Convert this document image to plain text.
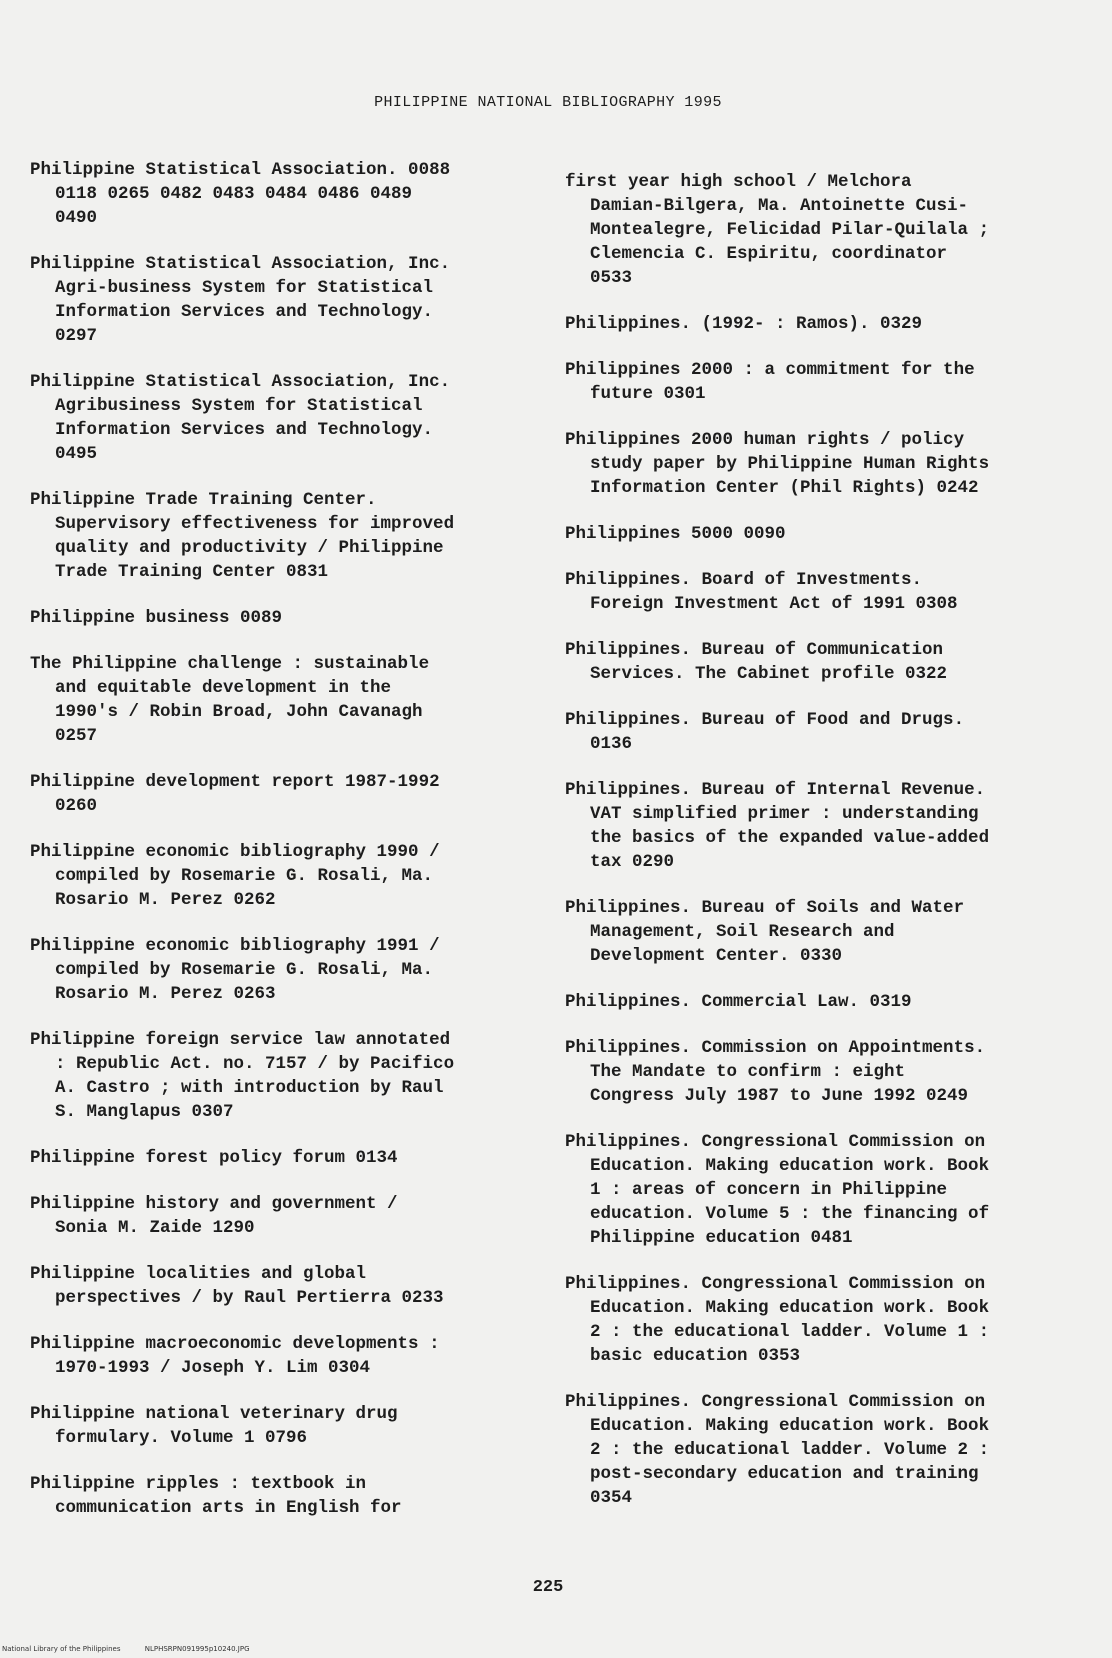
PHILIPPINE NATIONAL BIBLIOGRAPHY 1995
Philippine Statistical Association. 0088
0118 0265 0482 0483 0484 0486 0489
0490
Philippine Statistical Association, Inc.
Agri-business System for Statistical
Information Services and Technology.
0297
Philippine Statistical Association, Inc.
Agribusiness System for Statistical
Information Services and Technology.
0495
Philippine Trade Training Center.
Supervisory effectiveness for improved
quality and productivity / Philippine
Trade Training Center 0831
Philippine business 0089
The Philippine challenge : sustainable
and equitable development in the
1990's / Robin Broad, John Cavanagh
0257
Philippine development report 1987-1992
0260
Philippine economic bibliography 1990 /
compiled by Rosemarie G. Rosali, Ma.
Rosario M. Perez 0262
Philippine economic bibliography 1991 /
compiled by Rosemarie G. Rosali, Ma.
Rosario M. Perez 0263
Philippine foreign service law annotated
: Republic Act. no. 7157 / by Pacifico
A. Castro ; with introduction by Raul
S. Manglapus 0307
Philippine forest policy forum 0134
Philippine history and government /
Sonia M. Zaide 1290
Philippine localities and global
perspectives / by Raul Pertierra 0233
Philippine macroeconomic developments :
1970-1993 / Joseph Y. Lim 0304
Philippine national veterinary drug
formulary. Volume 1 0796
Philippine ripples : textbook in
communication arts in English for
first year high school / Melchora
Damian-Bilgera, Ma. Antoinette Cusi-
Montealegre, Felicidad Pilar-Quilala ;
Clemencia C. Espiritu, coordinator
0533
Philippines. (1992- : Ramos). 0329
Philippines 2000 : a commitment for the
future 0301
Philippines 2000 human rights / policy
study paper by Philippine Human Rights
Information Center (Phil Rights) 0242
Philippines 5000 0090
Philippines. Board of Investments.
Foreign Investment Act of 1991 0308
Philippines. Bureau of Communication
Services. The Cabinet profile 0322
Philippines. Bureau of Food and Drugs.
0136
Philippines. Bureau of Internal Revenue.
VAT simplified primer : understanding
the basics of the expanded value-added
tax 0290
Philippines. Bureau of Soils and Water
Management, Soil Research and
Development Center. 0330
Philippines. Commercial Law. 0319
Philippines. Commission on Appointments.
The Mandate to confirm : eight
Congress July 1987 to June 1992 0249
Philippines. Congressional Commission on
Education. Making education work. Book
1 : areas of concern in Philippine
education. Volume 5 : the financing of
Philippine education 0481
Philippines. Congressional Commission on
Education. Making education work. Book
2 : the educational ladder. Volume 1 :
basic education 0353
Philippines. Congressional Commission on
Education. Making education work. Book
2 : the educational ladder. Volume 2 :
post-secondary education and training
0354
225
National Library of the Philippines	NLPHSRPN091995p10240.JPG
